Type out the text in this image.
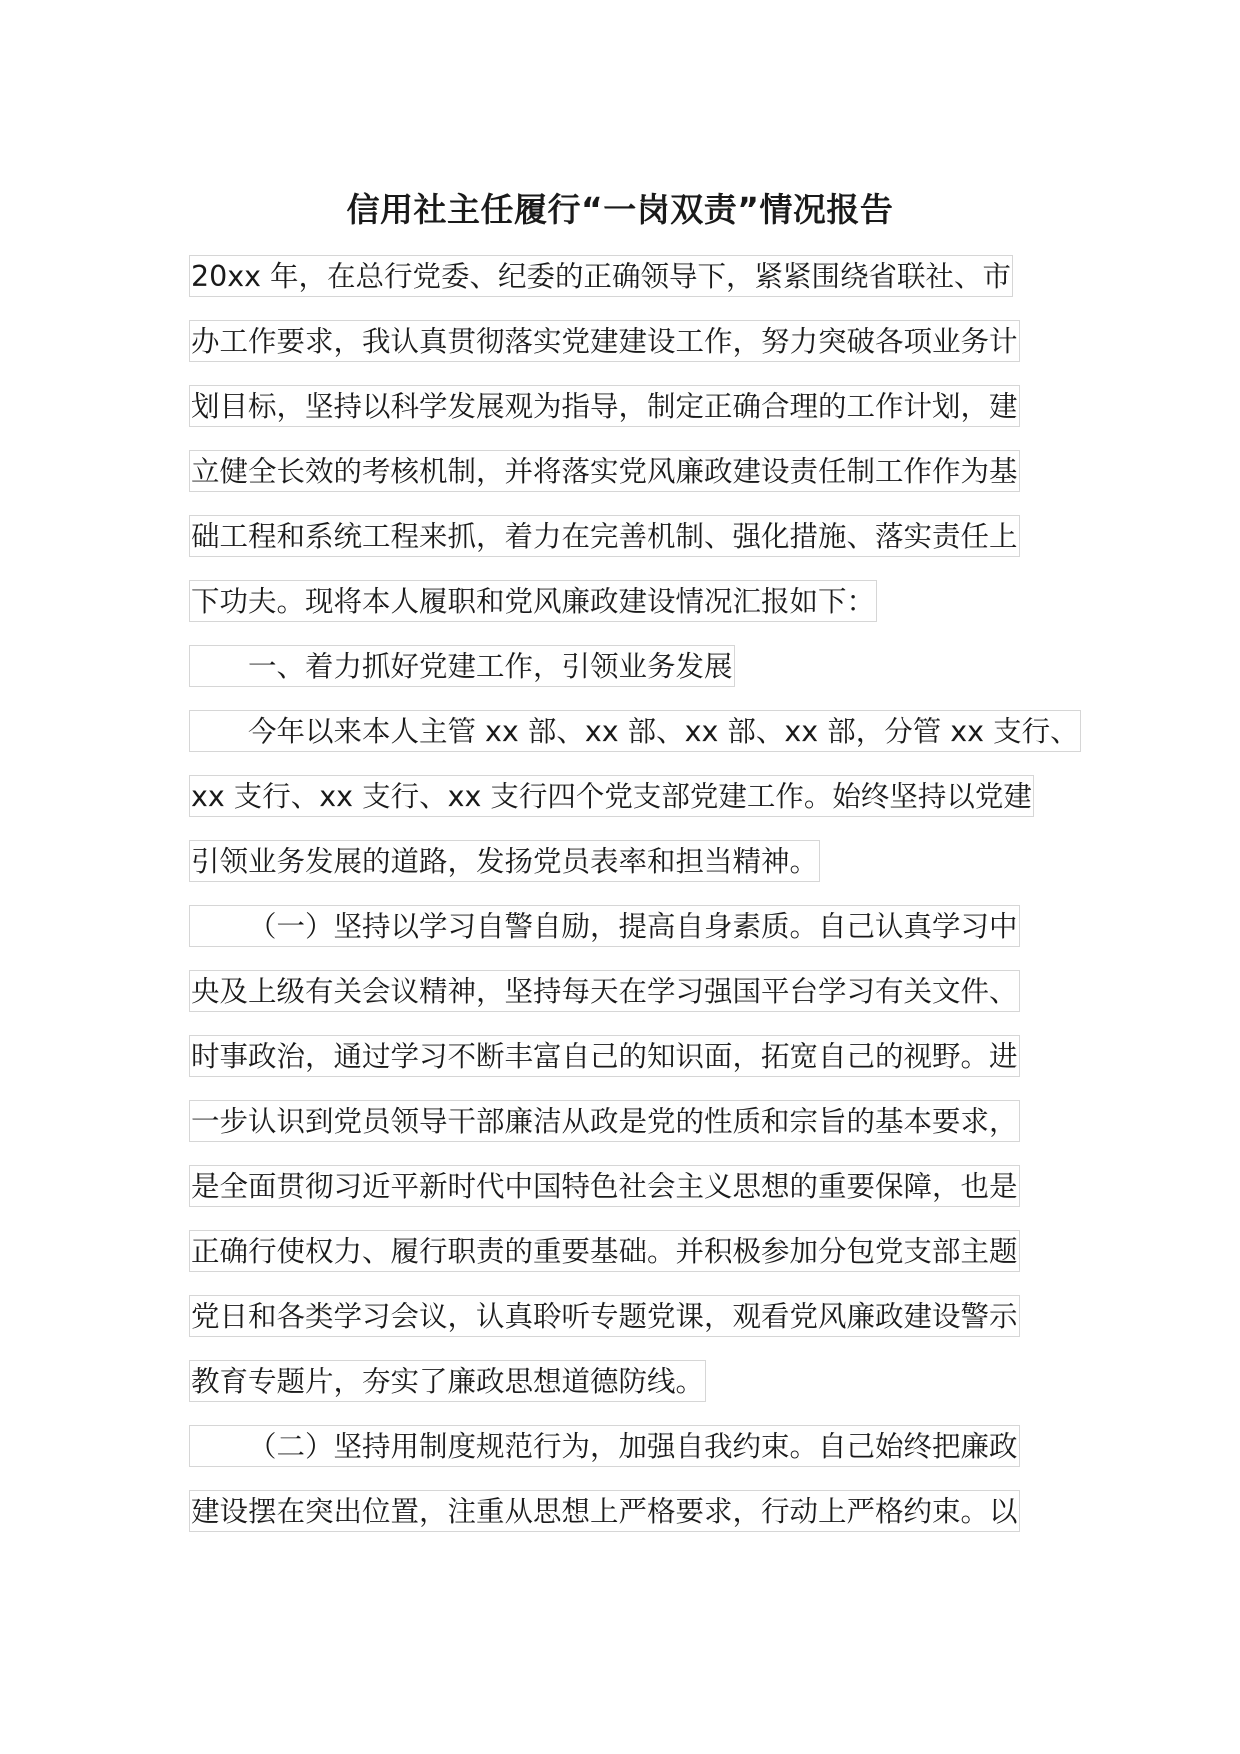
信用社主任履行“一岗双责”情况报告
20xx 年，在总行党委、纪委的正确领导下，紧紧围绕省联社、市
办工作要求，我认真贯彻落实党建建设工作，努力突破各项业务计
划目标，坚持以科学发展观为指导，制定正确合理的工作计划，建
立健全长效的考核机制，并将落实党风廉政建设责任制工作作为基
础工程和系统工程来抓，着力在完善机制、强化措施、落实责任上
下功夫。现将本人履职和党风廉政建设情况汇报如下：
一、着力抓好党建工作，引领业务发展
今年以来本人主管 xx 部、xx 部、xx 部、xx 部，分管 xx 支行、
xx 支行、xx 支行、xx 支行四个党支部党建工作。始终坚持以党建
引领业务发展的道路，发扬党员表率和担当精神。
（一）坚持以学习自警自励，提高自身素质。自己认真学习中
央及上级有关会议精神，坚持每天在学习强国平台学习有关文件、
时事政治，通过学习不断丰富自己的知识面，拓宽自己的视野。进
一步认识到党员领导干部廉洁从政是党的性质和宗旨的基本要求，
是全面贯彻习近平新时代中国特色社会主义思想的重要保障，也是
正确行使权力、履行职责的重要基础。并积极参加分包党支部主题
党日和各类学习会议，认真聆听专题党课，观看党风廉政建设警示
教育专题片，夯实了廉政思想道德防线。
（二）坚持用制度规范行为，加强自我约束。自己始终把廉政
建设摆在突出位置，注重从思想上严格要求，行动上严格约束。以
